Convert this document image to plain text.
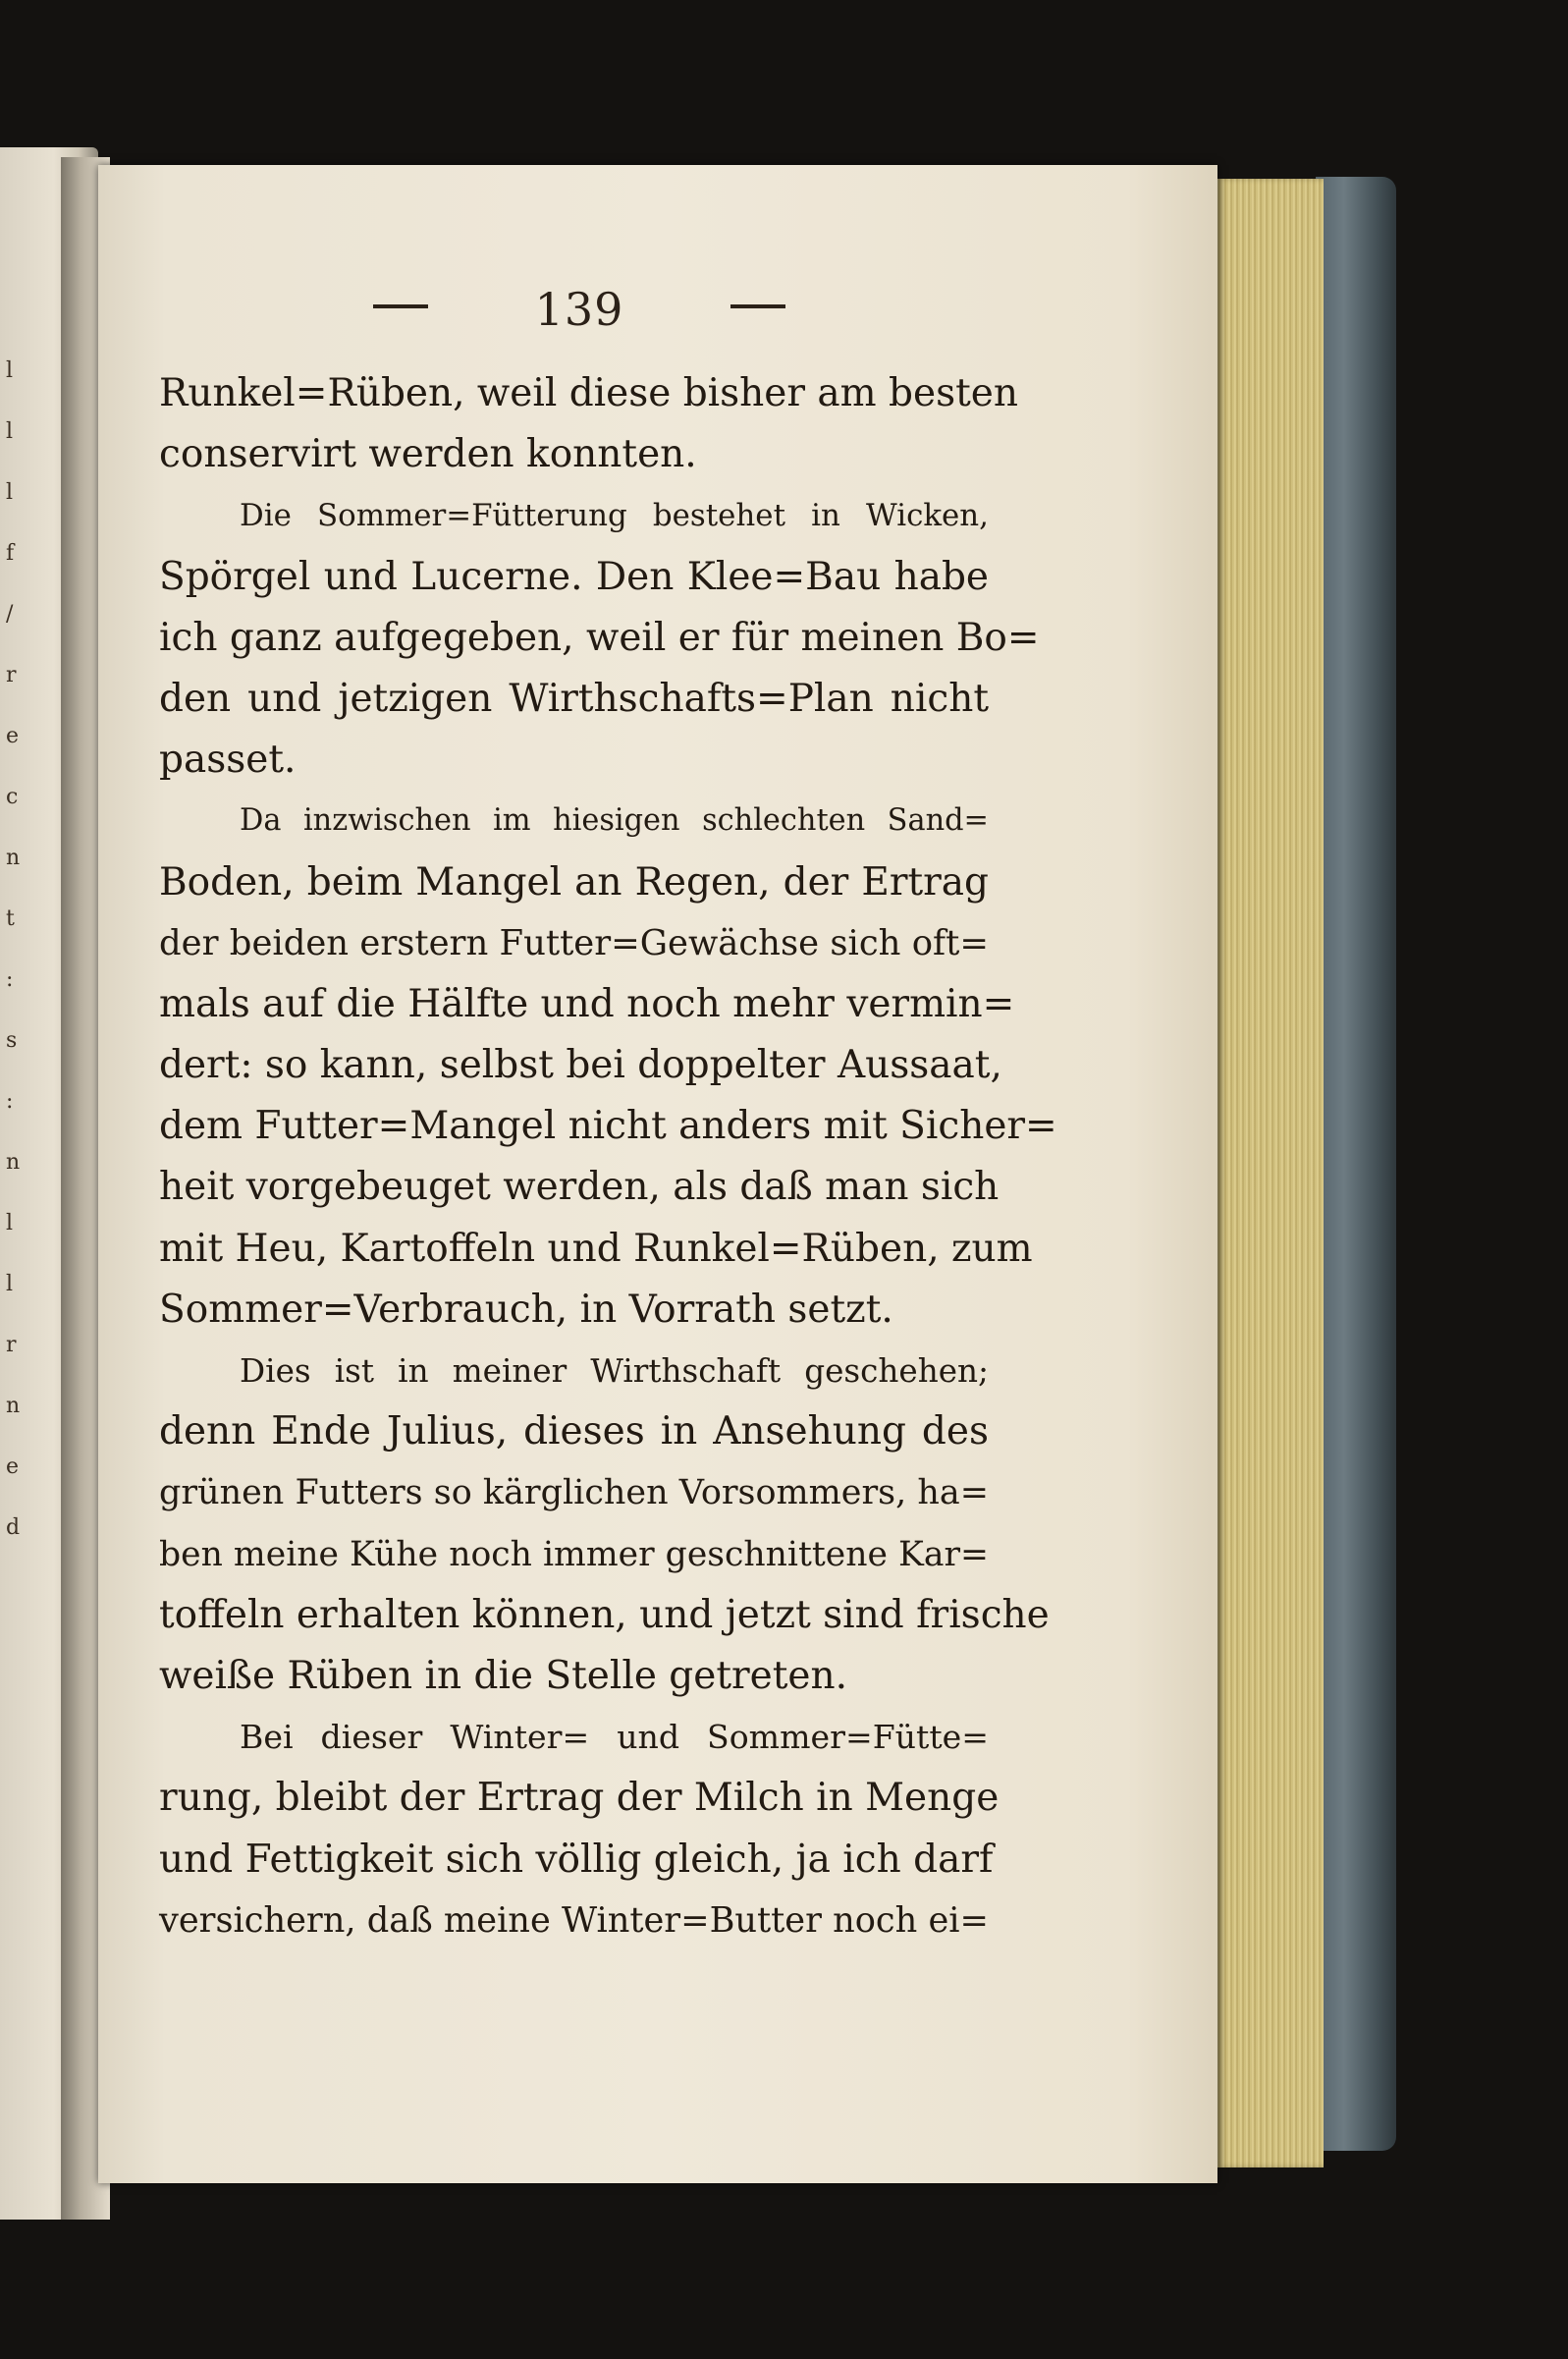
l
l
l
f
/
r
e
c
n
t
:
s
:
n
l
l
r
n
e
d
139
Runkel=Rüben, weil diese bisher am besten
conservirt werden konnten.
Die Sommer=Fütterung bestehet in Wicken,
Spörgel und Lucerne. Den Klee=Bau habe
ich ganz aufgegeben, weil er für meinen Bo=
den und jetzigen Wirthschafts=Plan nicht
passet.
Da inzwischen im hiesigen schlechten Sand=
Boden, beim Mangel an Regen, der Ertrag
der beiden erstern Futter=Gewächse sich oft=
mals auf die Hälfte und noch mehr vermin=
dert: so kann, selbst bei doppelter Aussaat,
dem Futter=Mangel nicht anders mit Sicher=
heit vorgebeuget werden, als daß man sich
mit Heu, Kartoffeln und Runkel=Rüben, zum
Sommer=Verbrauch, in Vorrath setzt.
Dies ist in meiner Wirthschaft geschehen;
denn Ende Julius, dieses in Ansehung des
grünen Futters so kärglichen Vorsommers, ha=
ben meine Kühe noch immer geschnittene Kar=
toffeln erhalten können, und jetzt sind frische
weiße Rüben in die Stelle getreten.
Bei dieser Winter= und Sommer=Fütte=
rung, bleibt der Ertrag der Milch in Menge
und Fettigkeit sich völlig gleich, ja ich darf
versichern, daß meine Winter=Butter noch ei=
